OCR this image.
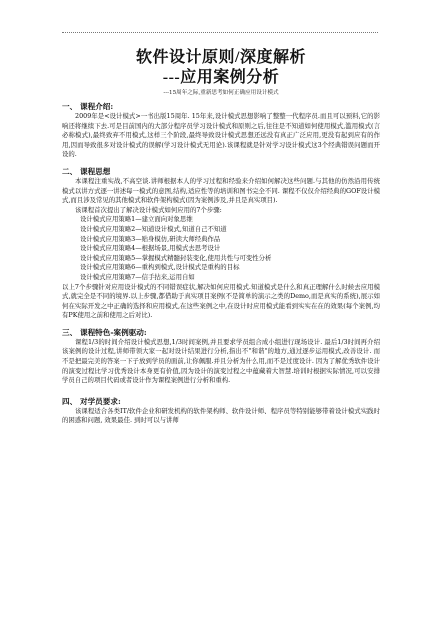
软件设计原则/深度解析
---应用案例分析

---15周年之际,重新思考如何正确应用设计模式

一、 课程介绍:

2009年是<设计模式>一书出版15周年. 15年来,设计模式思想影响了整整一代程序员.而且可以预料,它的影响还将继续下去.可是目前国内的大部分程序员学习设计模式和原则之后,往往是不知道如何使用模式,滥用模式(言必称模式),最终致弃不用模式,这样三个阶段,最终导致设计模式思想还远没有真正广泛应用,更没有起到应有的作用,因而导致很多对设计模式的误解(学习设计模式无用论).该课程就是针对学习设计模式这3个经典错误问题而开设的.

二、 课程思想

本课程注重实战,不高空谈.讲师根据本人的学习过程和经验来介绍如何解决这些问题.与其他的仿然沿用传统模式以讲方式逐一讲述每一模式的意图,结构,适应性等的培训和图书完全不同. 课程不仅仅介绍经典的GOF设计模式,而且涉及常见的其他模式和软件架构模式(因为案例涉及,并且是真实项目).

该课程首次提出了解决设计模式如何应用的7个步骤:

设计模式应用策略1—建立面向对象思维
设计模式应用策略2—知道设计模式,知道自己不知道
设计模式应用策略3—贴身模仿,研读大师经典作品
设计模式应用策略4—根据场景,用模式去思考设计
设计模式应用策略5—掌握模式精髓封装变化,使用共性与可变性分析
设计模式应用策略6—重构到模式,设计模式是重构的目标
设计模式应用策略7—信手拈来,运用自如

以上7个步骤针对应用设计模式的不同错误症状,解决如何应用模式.知道模式是什么和真正理解什么时候去应用模式,就完全是不同的境界.以上步骤,都借助于真实项目案例(不是简单的演示之类的Demo,而是真实的系统),展示如何在实际开发之中正确的选择和应用模式,在这些案例之中,在设计时应用模式能看到实实在在的效果(每个案例,均有PK使用之前和使用之后对比).

三、 课程特色-案例驱动:

课程1/3的时间介绍设计模式思想,1/3时间案例,并且要求学员组合成小组进行现场设计. 最后1/3时间再介绍该案例的设计过程,讲师带领大家一起对设计结果进行分析,指出不"和谐"的地方,通过逐步运用模式,改善设计. 而不是把最完美的答案一下子放到学员的面前,让你佩服.并且分析为什么用,而不是过度设计. 因为了解优秀软件设计的演变过程比学习优秀设计本身更有价值,因为设计的演变过程之中蕴藏着大智慧.培训时根据实际情况,可以安排学员自己的项目代码或者设计作为课程案例进行分析和重构.

四、 对学员要求:

该课程适合各类IT/软件企业和研发机构的软件架构师、软件设计师、程序员等特别能够带着设计模式实践时的困惑和问题, 效果最佳. 到时可以与讲师
